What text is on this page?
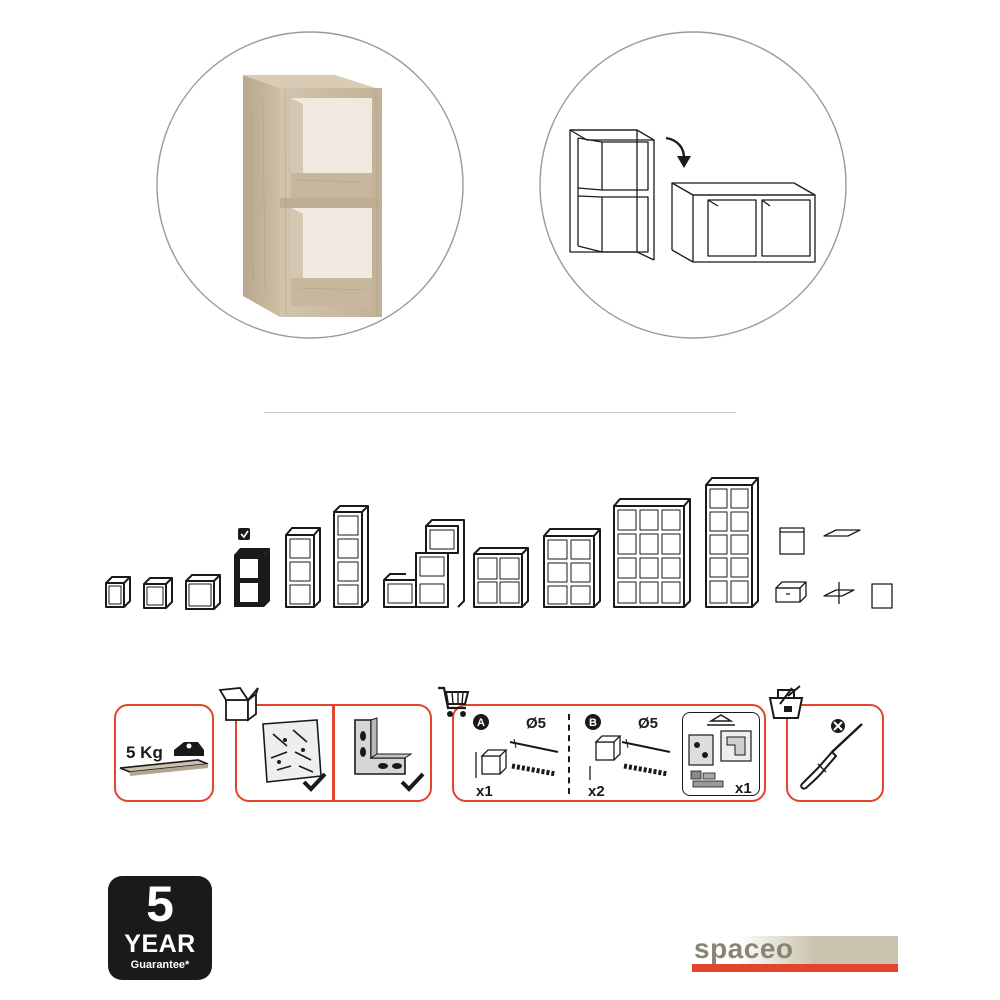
5 Kg
A	Ø5
x1
B	Ø5
x2	x1
5
YEAR
Guarantee*
spaceo
